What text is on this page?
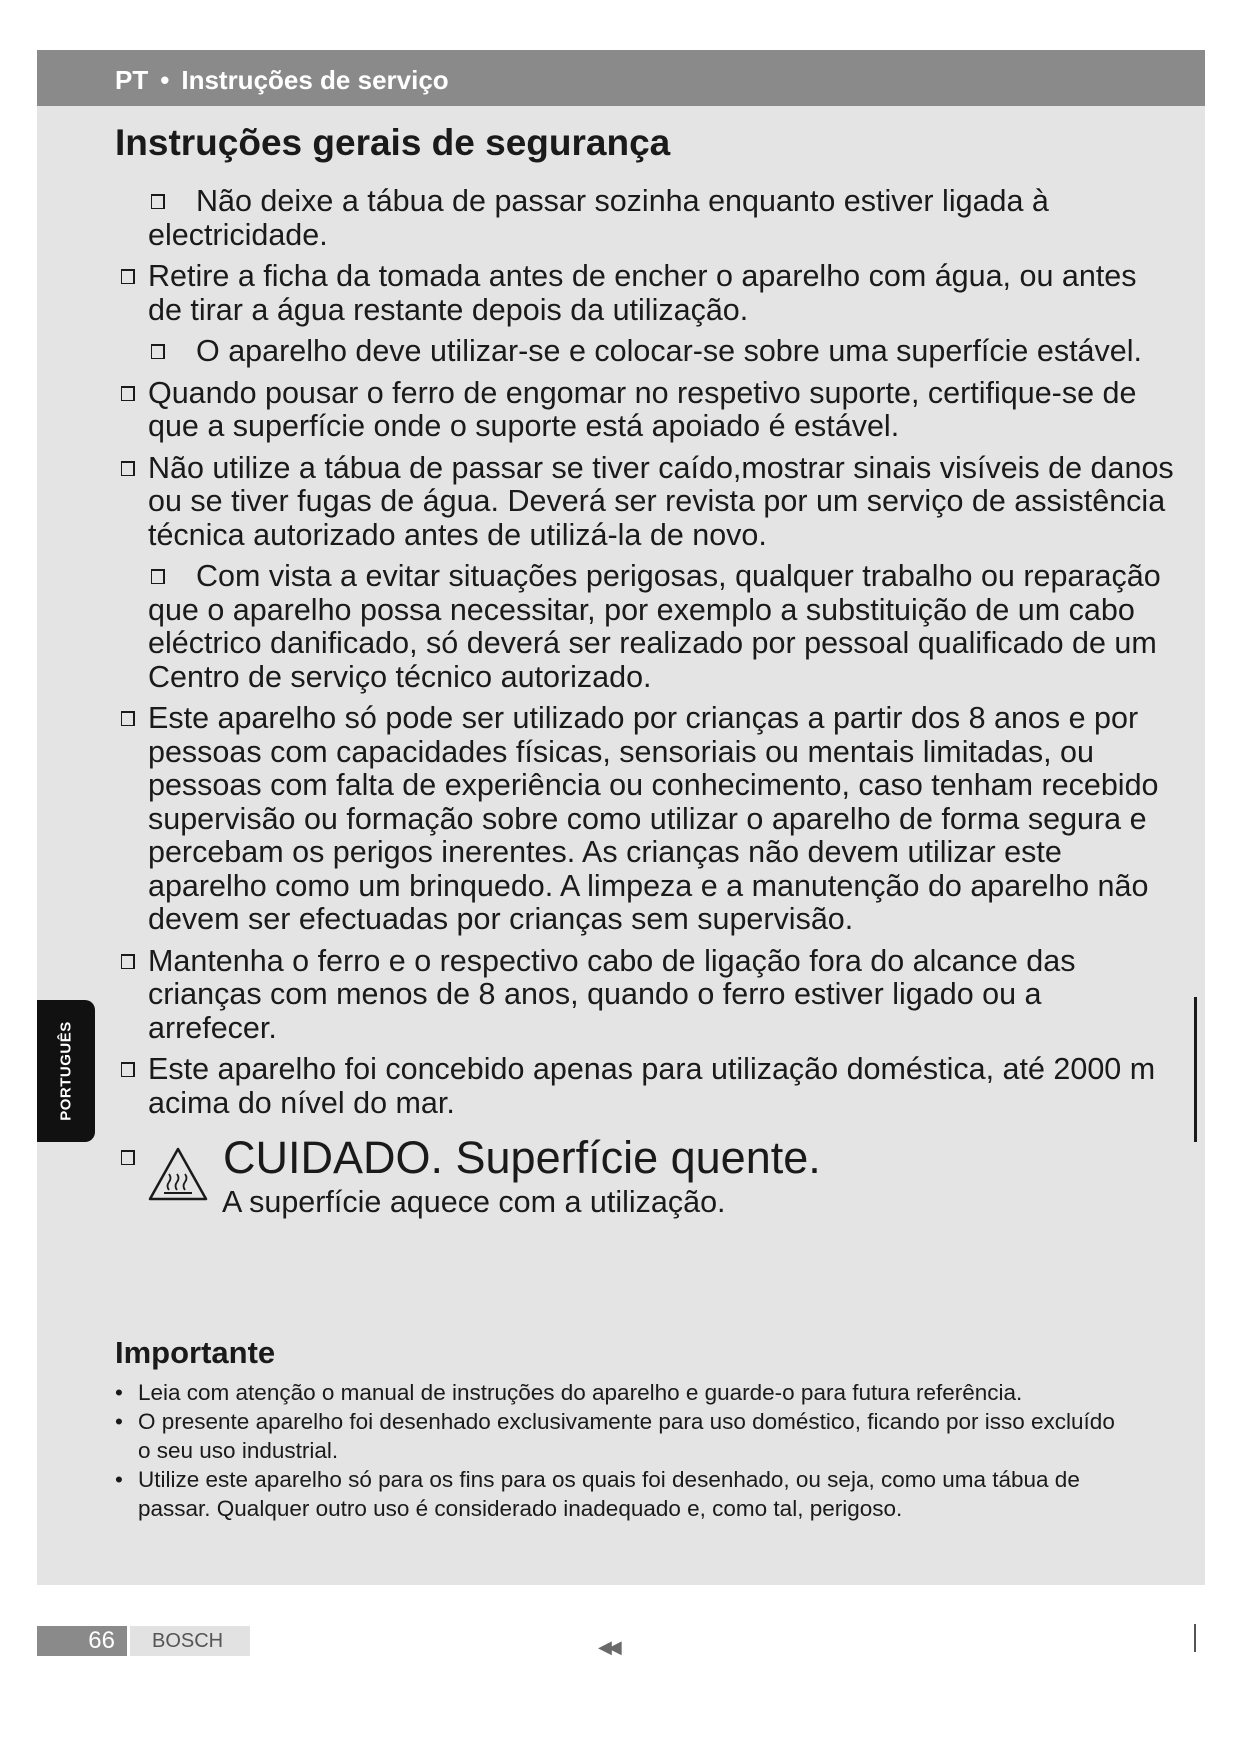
PT • Instruções de serviço
Instruções gerais de segurança
Não deixe a tábua de passar sozinha enquanto estiver ligada à electricidade.
Retire a ficha da tomada antes de encher o aparelho com água, ou antes de tirar a água restante depois da utilização.
O aparelho deve utilizar-se e colocar-se sobre uma superfície estável.
Quando pousar o ferro de engomar no respetivo suporte, certifique-se de que a superfície onde o suporte está apoiado é estável.
Não utilize a tábua de passar se tiver caído,mostrar sinais visíveis de danos ou se tiver fugas de água. Deverá ser revista por um serviço de assistência técnica autorizado antes de utilizá-la de novo.
Com vista a evitar situações perigosas, qualquer trabalho ou reparação que o aparelho possa necessitar, por exemplo a substituição de um cabo eléctrico danificado, só deverá ser realizado por pessoal qualificado de um Centro de serviço técnico autorizado.
Este aparelho só pode ser utilizado por crianças a partir dos 8 anos e por pessoas com capacidades físicas, sensoriais ou mentais limitadas, ou pessoas com falta de experiência ou conhecimento, caso tenham recebido supervisão ou formação sobre como utilizar o aparelho de forma segura e percebam os perigos inerentes. As crianças não devem utilizar este aparelho como um brinquedo. A limpeza e a manutenção do aparelho não devem ser efectuadas por crianças sem supervisão.
Mantenha o ferro e o respectivo cabo de ligação fora do alcance das crianças com menos de 8 anos, quando o ferro estiver ligado ou a arrefecer.
Este aparelho foi concebido apenas para utilização doméstica, até 2000 m acima do nível do mar.
CUIDADO. Superfície quente.
A superfície aquece com a utilização.
Importante
• Leia com atenção o manual de instruções do aparelho e guarde-o para futura referência.
• O presente aparelho foi desenhado exclusivamente para uso doméstico, ficando por isso excluído o seu uso industrial.
• Utilize este aparelho só para os fins para os quais foi desenhado, ou seja, como uma tábua de passar. Qualquer outro uso é considerado inadequado e, como tal, perigoso.
PORTUGUÊS
66	BOSCH	◀◀
